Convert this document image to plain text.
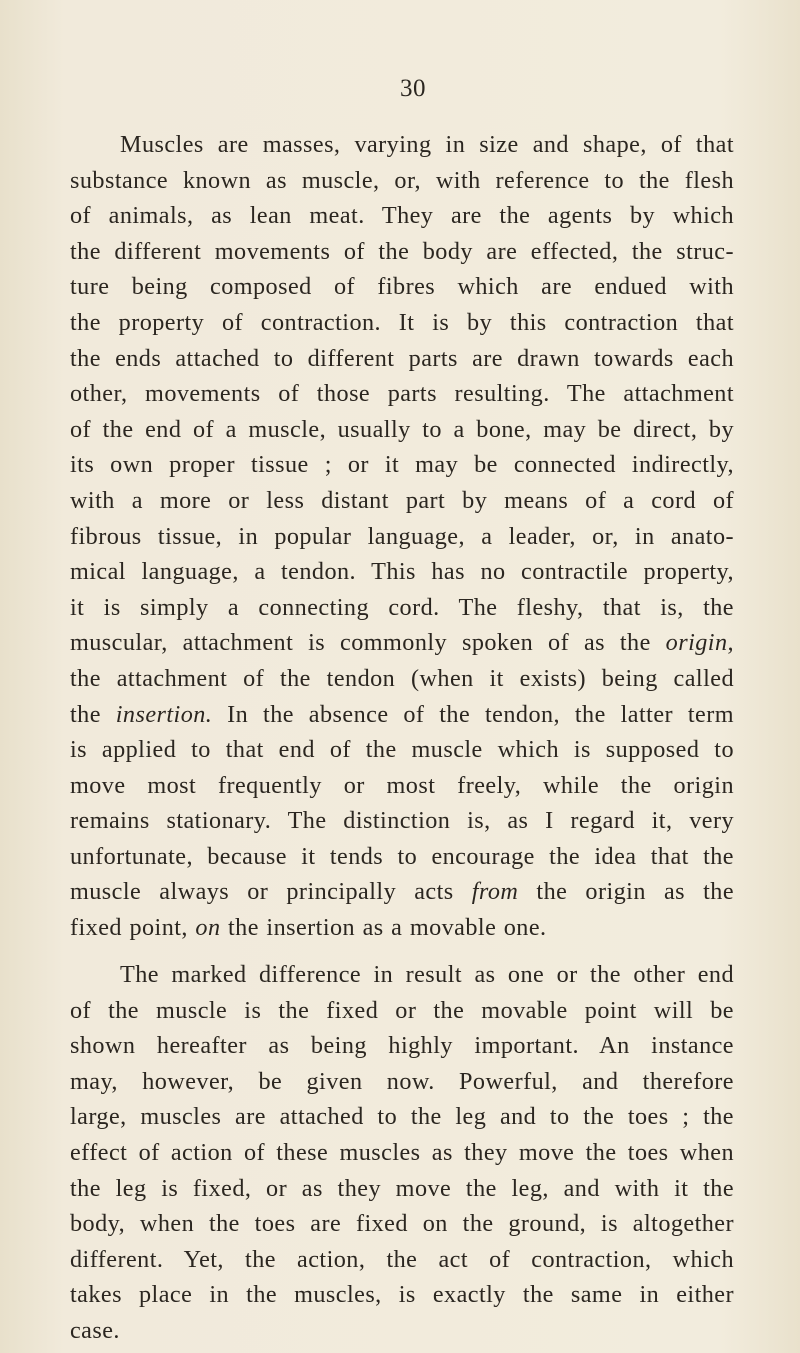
30
Muscles are masses, varying in size and shape, of that
substance known as muscle, or, with reference to the flesh
of animals, as lean meat. They are the agents by which
the different movements of the body are effected, the struc-
ture being composed of fibres which are endued with
the property of contraction. It is by this contraction that
the ends attached to different parts are drawn towards each
other, movements of those parts resulting. The attachment
of the end of a muscle, usually to a bone, may be direct, by
its own proper tissue ; or it may be connected indirectly,
with a more or less distant part by means of a cord of
fibrous tissue, in popular language, a leader, or, in anato-
mical language, a tendon. This has no contractile property,
it is simply a connecting cord. The fleshy, that is, the
muscular, attachment is commonly spoken of as the origin,
the attachment of the tendon (when it exists) being called
the insertion. In the absence of the tendon, the latter term
is applied to that end of the muscle which is supposed to
move most frequently or most freely, while the origin
remains stationary. The distinction is, as I regard it, very
unfortunate, because it tends to encourage the idea that the
muscle always or principally acts from the origin as the
fixed point, on the insertion as a movable one.
The marked difference in result as one or the other end
of the muscle is the fixed or the movable point will be
shown hereafter as being highly important. An instance
may, however, be given now. Powerful, and therefore
large, muscles are attached to the leg and to the toes ; the
effect of action of these muscles as they move the toes when
the leg is fixed, or as they move the leg, and with it the
body, when the toes are fixed on the ground, is altogether
different. Yet, the action, the act of contraction, which
takes place in the muscles, is exactly the same in either
case.
